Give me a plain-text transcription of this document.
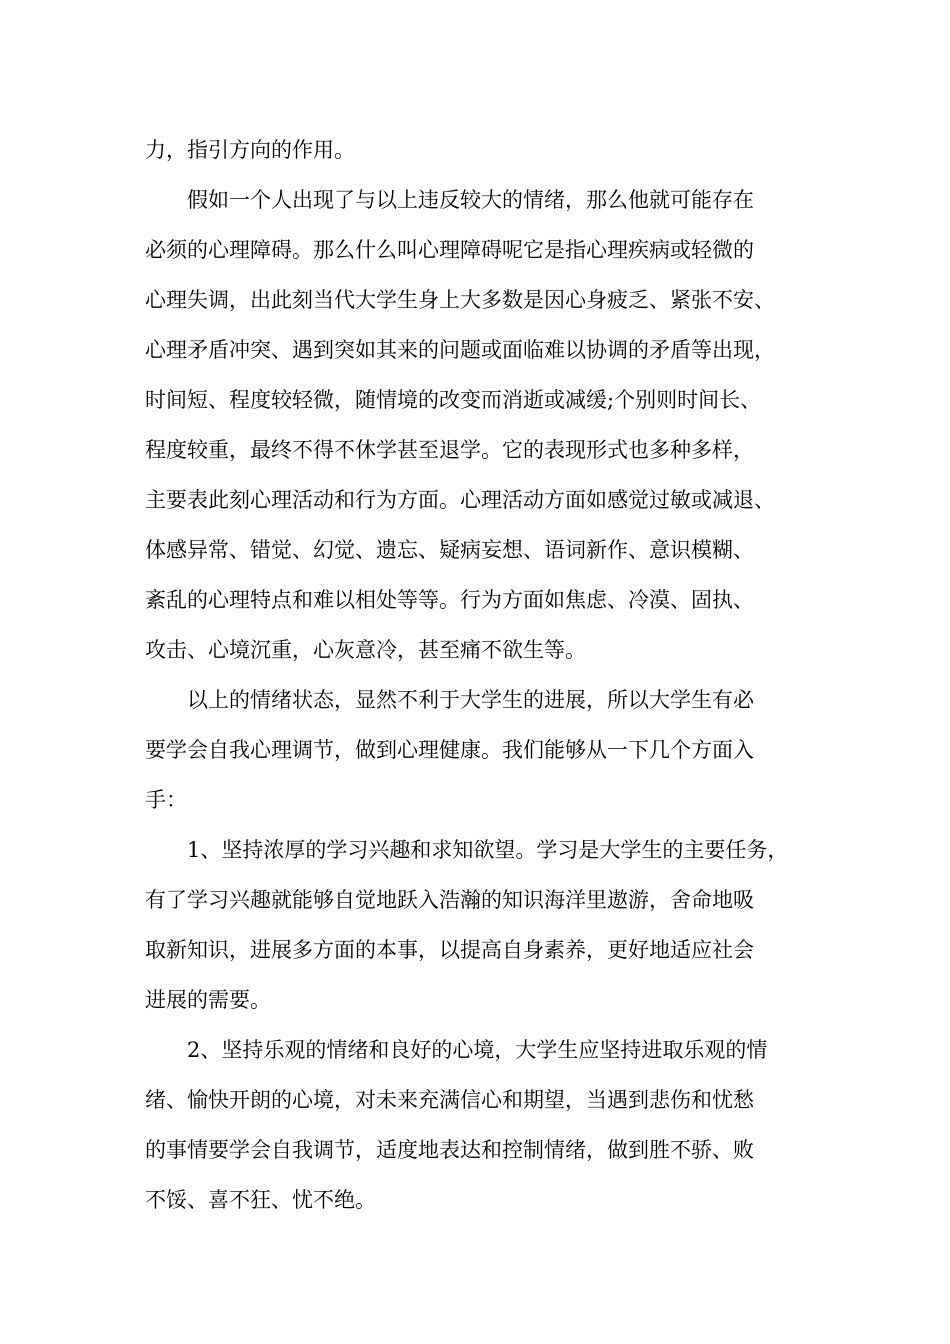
力，指引方向的作用。

　　假如一个人出现了与以上违反较大的情绪，那么他就可能存在

必须的心理障碍。那么什么叫心理障碍呢它是指心理疾病或轻微的

心理失调，出此刻当代大学生身上大多数是因心身疲乏、紧张不安、

心理矛盾冲突、遇到突如其来的问题或面临难以协调的矛盾等出现，

时间短、程度较轻微，随情境的改变而消逝或减缓;个别则时间长、

程度较重，最终不得不休学甚至退学。它的表现形式也多种多样，

主要表此刻心理活动和行为方面。心理活动方面如感觉过敏或减退、

体感异常、错觉、幻觉、遗忘、疑病妄想、语词新作、意识模糊、

紊乱的心理特点和难以相处等等。行为方面如焦虑、冷漠、固执、

攻击、心境沉重，心灰意冷，甚至痛不欲生等。

　　以上的情绪状态，显然不利于大学生的进展，所以大学生有必

要学会自我心理调节，做到心理健康。我们能够从一下几个方面入

手：

　　1、坚持浓厚的学习兴趣和求知欲望。学习是大学生的主要任务，

有了学习兴趣就能够自觉地跃入浩瀚的知识海洋里遨游，舍命地吸

取新知识，进展多方面的本事，以提高自身素养，更好地适应社会

进展的需要。

　　2、坚持乐观的情绪和良好的心境，大学生应坚持进取乐观的情

绪、愉快开朗的心境，对未来充满信心和期望，当遇到悲伤和忧愁

的事情要学会自我调节，适度地表达和控制情绪，做到胜不骄、败

不馁、喜不狂、忧不绝。
